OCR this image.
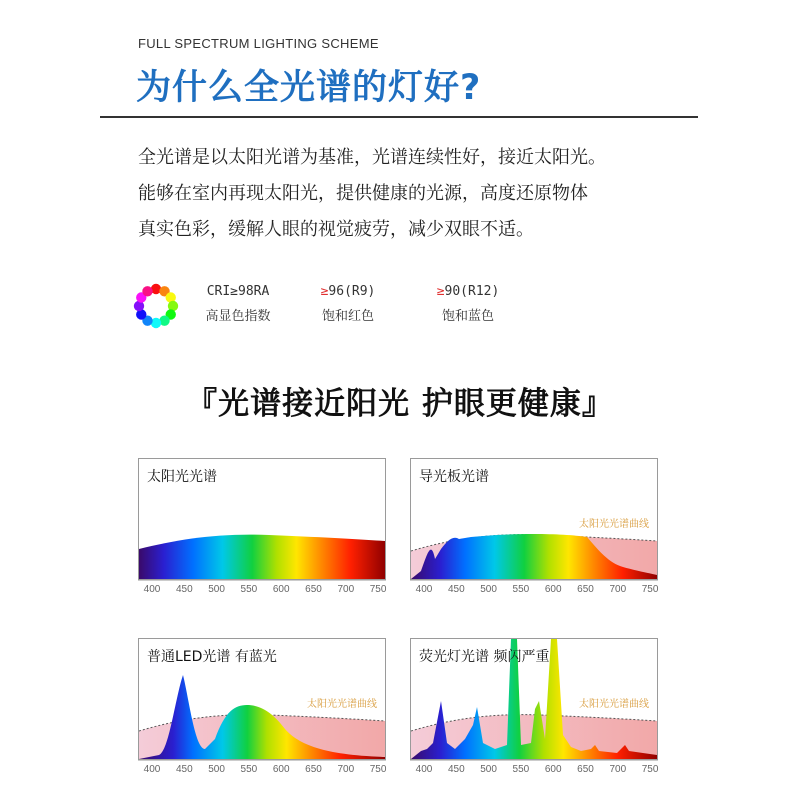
FULL SPECTRUM LIGHTING SCHEME
为什么全光谱的灯好?
全光谱是以太阳光谱为基准，光谱连续性好，接近太阳光。
能够在室内再现太阳光，提供健康的光源，高度还原物体
真实色彩，缓解人眼的视觉疲劳，减少双眼不适。
CRI≥98RA
高显色指数
≥96(R9)
饱和红色
≥90(R12)
饱和蓝色
『光谱接近阳光 护眼更健康』
太阳光光谱
400 450 500 550 600 650 700 750
导光板光谱
太阳光光谱曲线
400 450 500 550 600 650 700 750
普通LED光谱 有蓝光
太阳光光谱曲线
400 450 500 550 600 650 700 750
荧光灯光谱 频闪严重
太阳光光谱曲线
400 450 500 550 600 650 700 750
